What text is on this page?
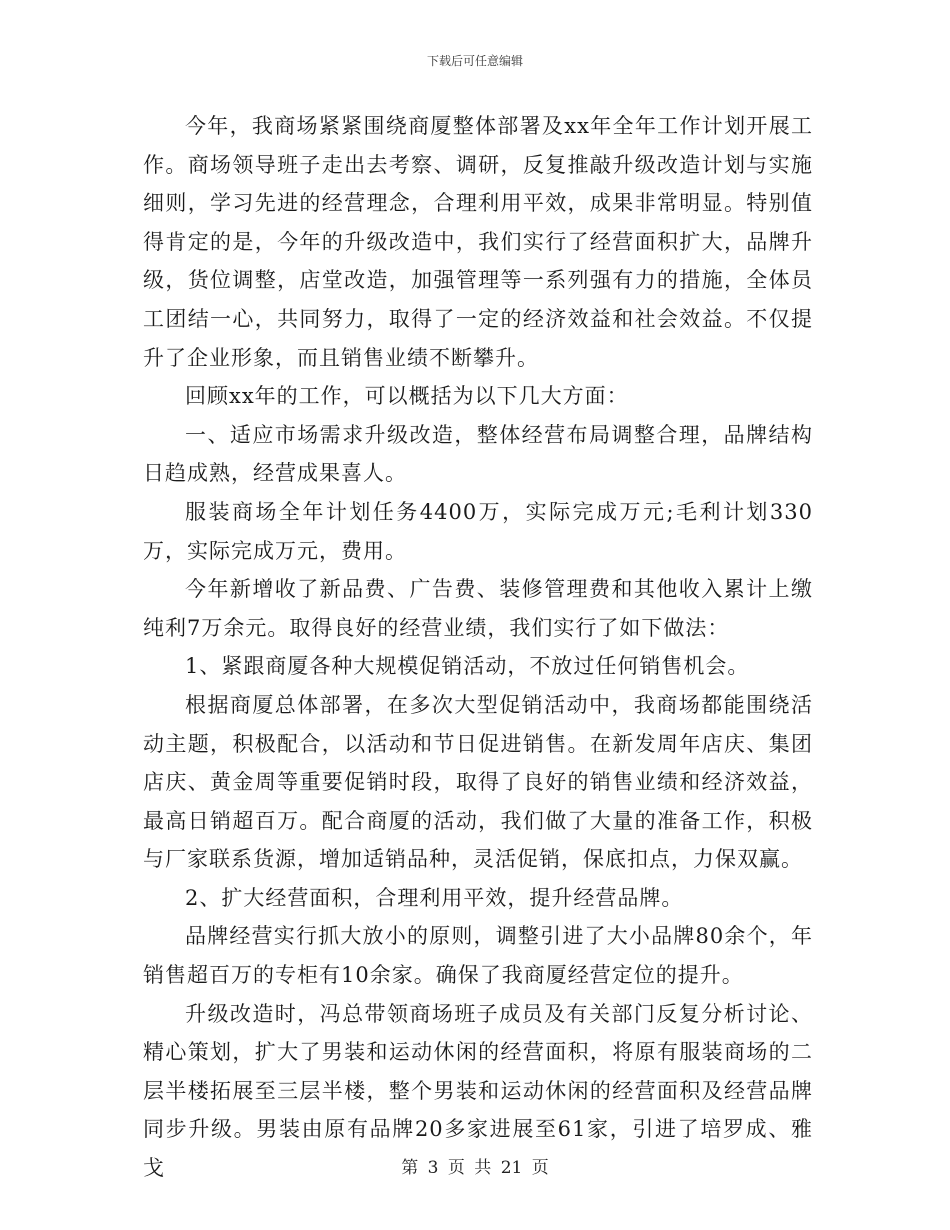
下载后可任意编辑

今年，我商场紧紧围绕商厦整体部署及xx年全年工作计划开展工作。商场领导班子走出去考察、调研，反复推敲升级改造计划与实施细则，学习先进的经营理念，合理利用平效，成果非常明显。特别值得肯定的是，今年的升级改造中，我们实行了经营面积扩大，品牌升级，货位调整，店堂改造，加强管理等一系列强有力的措施，全体员工团结一心，共同努力，取得了一定的经济效益和社会效益。不仅提升了企业形象，而且销售业绩不断攀升。

回顾xx年的工作，可以概括为以下几大方面：

一、适应市场需求升级改造，整体经营布局调整合理，品牌结构日趋成熟，经营成果喜人。

服装商场全年计划任务4400万，实际完成万元;毛利计划330万，实际完成万元，费用。

今年新增收了新品费、广告费、装修管理费和其他收入累计上缴纯利7万余元。取得良好的经营业绩，我们实行了如下做法：

1、紧跟商厦各种大规模促销活动，不放过任何销售机会。

根据商厦总体部署，在多次大型促销活动中，我商场都能围绕活动主题，积极配合，以活动和节日促进销售。在新发周年店庆、集团店庆、黄金周等重要促销时段，取得了良好的销售业绩和经济效益，最高日销超百万。配合商厦的活动，我们做了大量的准备工作，积极与厂家联系货源，增加适销品种，灵活促销，保底扣点，力保双赢。

2、扩大经营面积，合理利用平效，提升经营品牌。

品牌经营实行抓大放小的原则，调整引进了大小品牌80余个，年销售超百万的专柜有10余家。确保了我商厦经营定位的提升。

升级改造时，冯总带领商场班子成员及有关部门反复分析讨论、精心策划，扩大了男装和运动休闲的经营面积，将原有服装商场的二层半楼拓展至三层半楼，整个男装和运动休闲的经营面积及经营品牌同步升级。男装由原有品牌20多家进展至61家，引进了培罗成、雅戈	第 3 页 共 21 页
